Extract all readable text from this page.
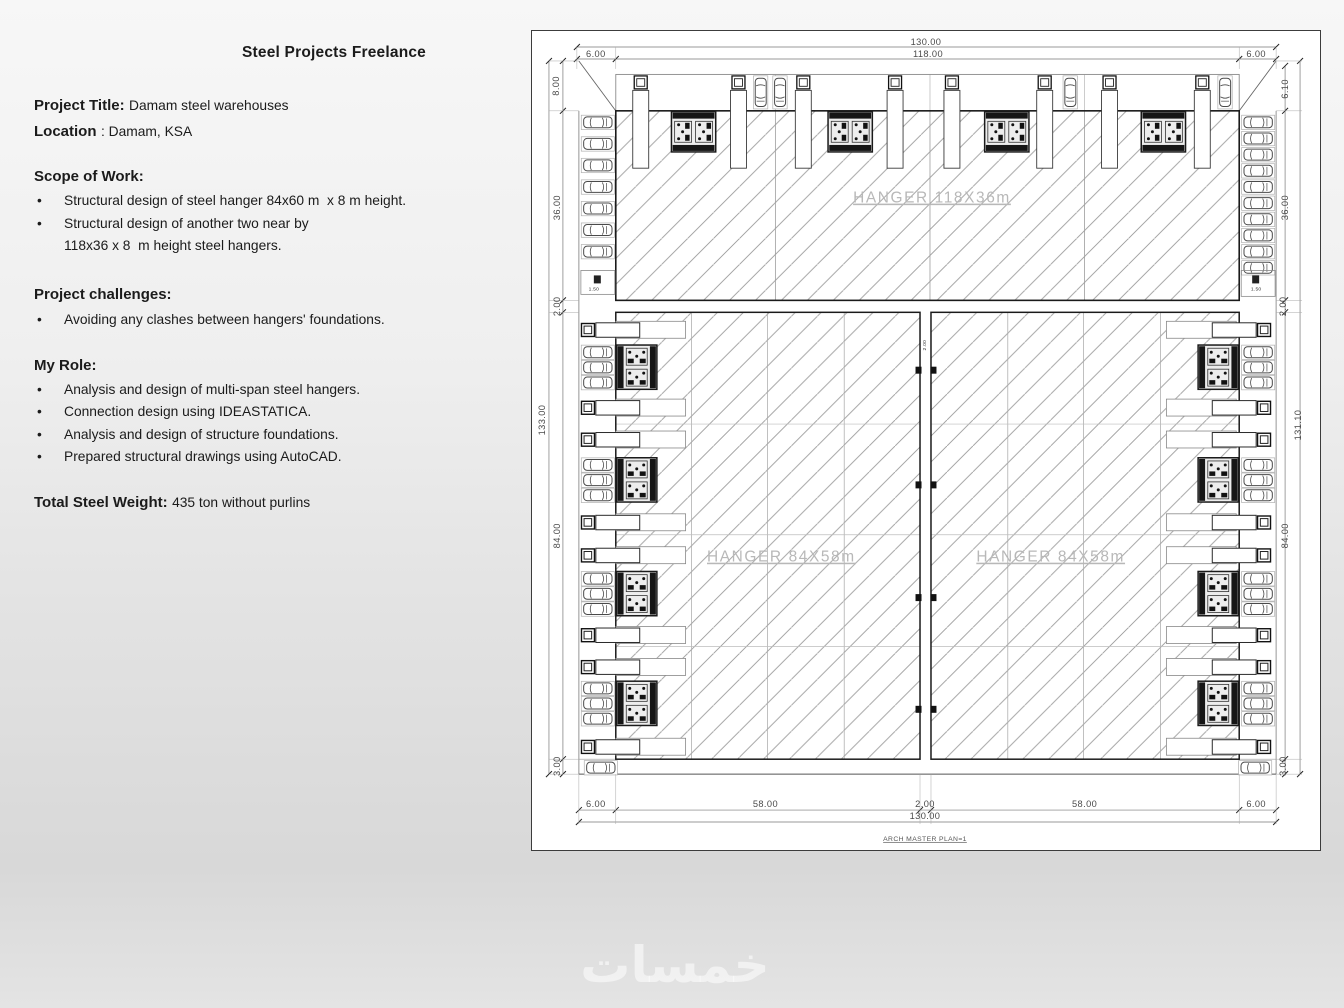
Steel Projects Freelance
Project Title: Damam steel warehouses
Location : Damam, KSA
Scope of Work:
•	Structural design of steel hanger 84x60 m  x 8 m height.
•	Structural design of another two near by
118x36 x 8  m height steel hangers.
Project challenges:
•	Avoiding any clashes between hangers' foundations.
My Role:
•	Analysis and design of multi-span steel hangers.
•	Connection design using IDEASTATICA.
•	Analysis and design of structure foundations.
•	Prepared structural drawings using AutoCAD.
Total Steel Weight: 435 ton without purlins
130.00
118.00
6.00	6.00
6.00	58.00	2.00	58.00	6.00
130.00
8.00
36.00
2.00
84.00
3.00
133.00
6.10
36.00
2.00
84.00
3.00
131.10
1.50	1.50
2.00
HANGER 118X36m
HANGER 84X58m	HANGER 84X58m
ARCH MASTER PLAN=1
خمسات
